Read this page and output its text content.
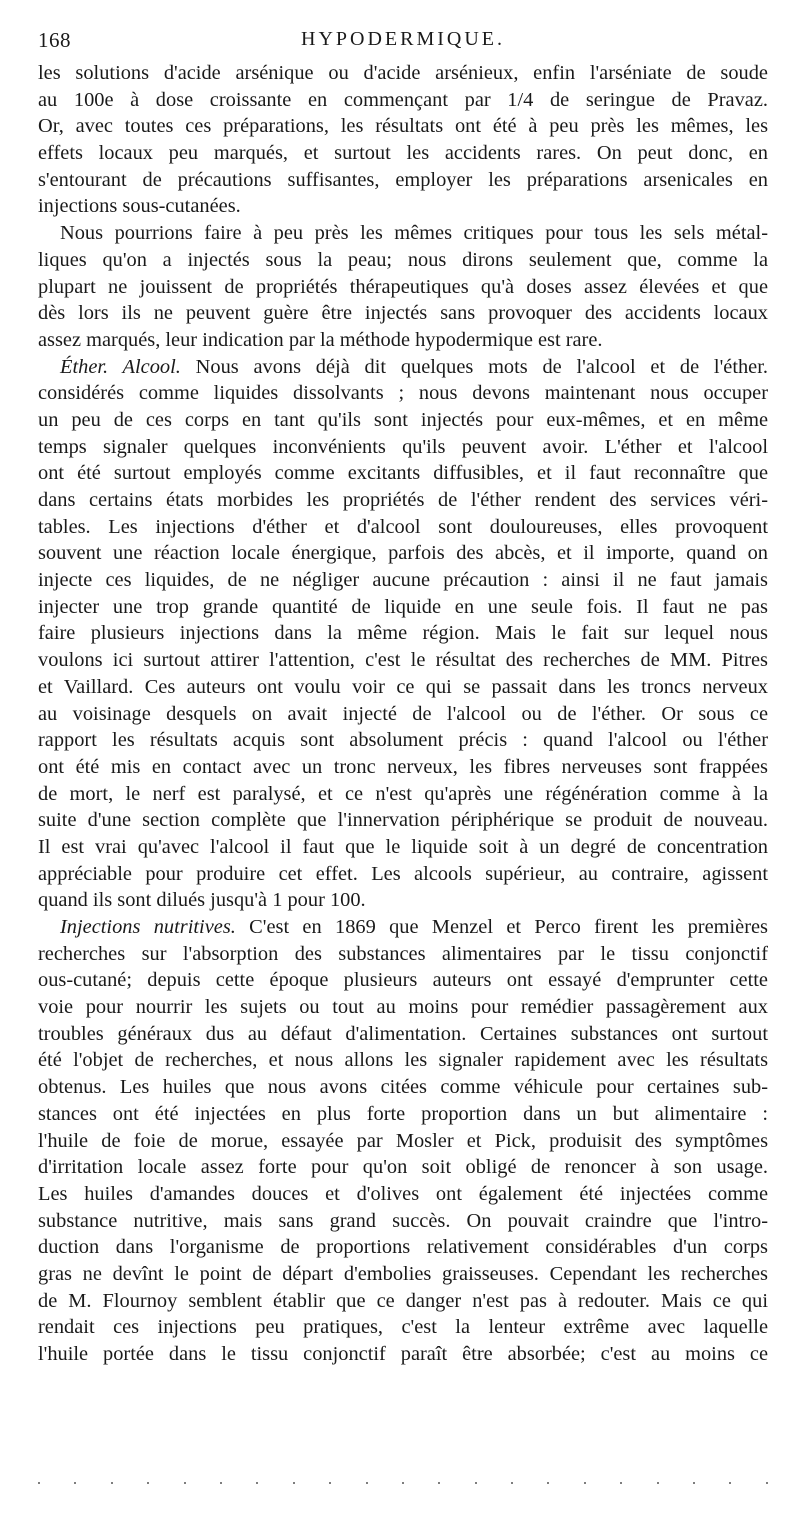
168	HYPODERMIQUE.
les solutions d'acide arsénique ou d'acide arsénieux, enfin l'arséniate de soude
au 100e à dose croissante en commençant par 1/4 de seringue de Pravaz.
Or, avec toutes ces préparations, les résultats ont été à peu près les mêmes, les
effets locaux peu marqués, et surtout les accidents rares. On peut donc, en
s'entourant de précautions suffisantes, employer les préparations arsenicales en
injections sous-cutanées.
Nous pourrions faire à peu près les mêmes critiques pour tous les sels métal-
liques qu'on a injectés sous la peau; nous dirons seulement que, comme la
plupart ne jouissent de propriétés thérapeutiques qu'à doses assez élevées et que
dès lors ils ne peuvent guère être injectés sans provoquer des accidents locaux
assez marqués, leur indication par la méthode hypodermique est rare.
Éther. Alcool. Nous avons déjà dit quelques mots de l'alcool et de l'éther.
considérés comme liquides dissolvants ; nous devons maintenant nous occuper
un peu de ces corps en tant qu'ils sont injectés pour eux-mêmes, et en même
temps signaler quelques inconvénients qu'ils peuvent avoir. L'éther et l'alcool
ont été surtout employés comme excitants diffusibles, et il faut reconnaître que
dans certains états morbides les propriétés de l'éther rendent des services véri-
tables. Les injections d'éther et d'alcool sont douloureuses, elles provoquent
souvent une réaction locale énergique, parfois des abcès, et il importe, quand on
injecte ces liquides, de ne négliger aucune précaution : ainsi il ne faut jamais
injecter une trop grande quantité de liquide en une seule fois. Il faut ne pas
faire plusieurs injections dans la même région. Mais le fait sur lequel nous
voulons ici surtout attirer l'attention, c'est le résultat des recherches de MM. Pitres
et Vaillard. Ces auteurs ont voulu voir ce qui se passait dans les troncs nerveux
au voisinage desquels on avait injecté de l'alcool ou de l'éther. Or sous ce
rapport les résultats acquis sont absolument précis : quand l'alcool ou l'éther
ont été mis en contact avec un tronc nerveux, les fibres nerveuses sont frappées
de mort, le nerf est paralysé, et ce n'est qu'après une régénération comme à la
suite d'une section complète que l'innervation périphérique se produit de nouveau.
Il est vrai qu'avec l'alcool il faut que le liquide soit à un degré de concentration
appréciable pour produire cet effet. Les alcools supérieur, au contraire, agissent
quand ils sont dilués jusqu'à 1 pour 100.
Injections nutritives. C'est en 1869 que Menzel et Perco firent les premières
recherches sur l'absorption des substances alimentaires par le tissu conjonctif
ous-cutané; depuis cette époque plusieurs auteurs ont essayé d'emprunter cette
voie pour nourrir les sujets ou tout au moins pour remédier passagèrement aux
troubles généraux dus au défaut d'alimentation. Certaines substances ont surtout
été l'objet de recherches, et nous allons les signaler rapidement avec les résultats
obtenus. Les huiles que nous avons citées comme véhicule pour certaines sub-
stances ont été injectées en plus forte proportion dans un but alimentaire :
l'huile de foie de morue, essayée par Mosler et Pick, produisit des symptômes
d'irritation locale assez forte pour qu'on soit obligé de renoncer à son usage.
Les huiles d'amandes douces et d'olives ont également été injectées comme
substance nutritive, mais sans grand succès. On pouvait craindre que l'intro-
duction dans l'organisme de proportions relativement considérables d'un corps
gras ne devînt le point de départ d'embolies graisseuses. Cependant les recherches
de M. Flournoy semblent établir que ce danger n'est pas à redouter. Mais ce qui
rendait ces injections peu pratiques, c'est la lenteur extrême avec laquelle
l'huile portée dans le tissu conjonctif paraît être absorbée; c'est au moins ce
